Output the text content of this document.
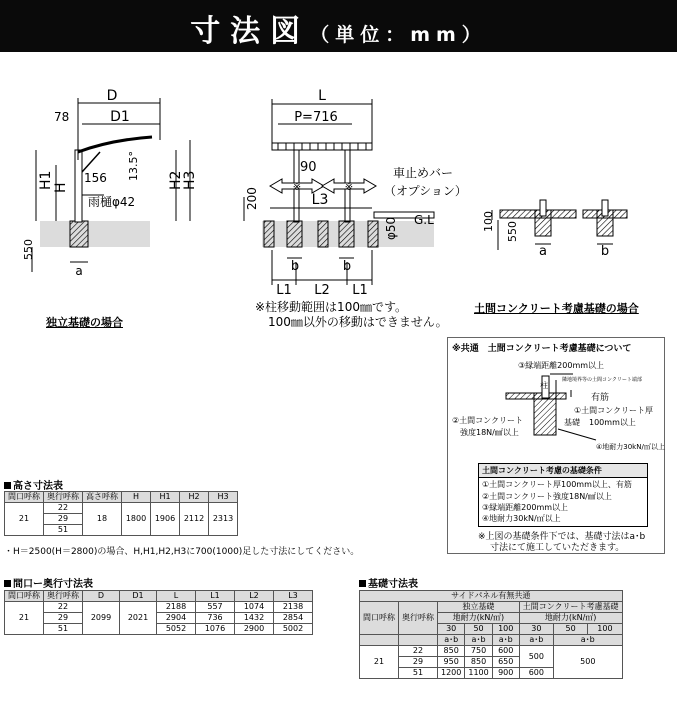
寸法図（単位：mm）
D
D1
78
H1 H	H2
H3
156 13.5°
雨樋φ42
550
a
※	※
L
P=716
90
200	L3
車止めバー
（オプション）
G.L
φ50
b	b
L1 L2 L1
100 550
a	b
独立基礎の場合
※柱移動範囲は100㎜です。
100㎜以外の移動はできません。
土間コンクリート考慮基礎の場合
※共通　土間コンクリート考慮基礎について
③縁端距離200mm以上
柱
隣地境界等の土間コンクリート端部
有筋
①土間コンクリート厚
100mm以上
②土間コンクリート
強度18N/㎟以上
基礎
④地耐力30kN/㎡以上
土間コンクリート考慮の基礎条件
①土間コンクリート厚100mm以上、有筋
②土間コンクリート強度18N/㎟以上
③縁端距離200mm以上
④地耐力30kN/㎡以上
※上図の基礎条件下では、基礎寸法はa･b
寸法にて施工していただきます。
高さ寸法表
間口呼称	奥行呼称	高さ呼称	H	H1	H2	H3
21	22	18	1800	1906	2112	2313
	29					
	51					
・H＝2500(H＝2800)の場合、H,H1,H2,H3に700(1000)足した寸法にしてください。
間口ー奥行寸法表
間口呼称	奥行呼称	D	D1	L	L1	L2	L3
21	22	2099	2021	2188	557	1074	2138
	29			2904	736	1432	2854
	51			5052	1076	2900	5002
基礎寸法表
サイドパネル有無共通							
間口呼称	奥行呼称	独立基礎			土間コンクリート考慮基礎		
		地耐力(kN/㎡)			地耐力(kN/㎡)		
		30	50	100	30	50	100
		a･b	a･b	a･b	a･b	a･b	
21	22	850	750	600	500	500	
	29	950	850	650			
	51	1200	1100	900	600		
